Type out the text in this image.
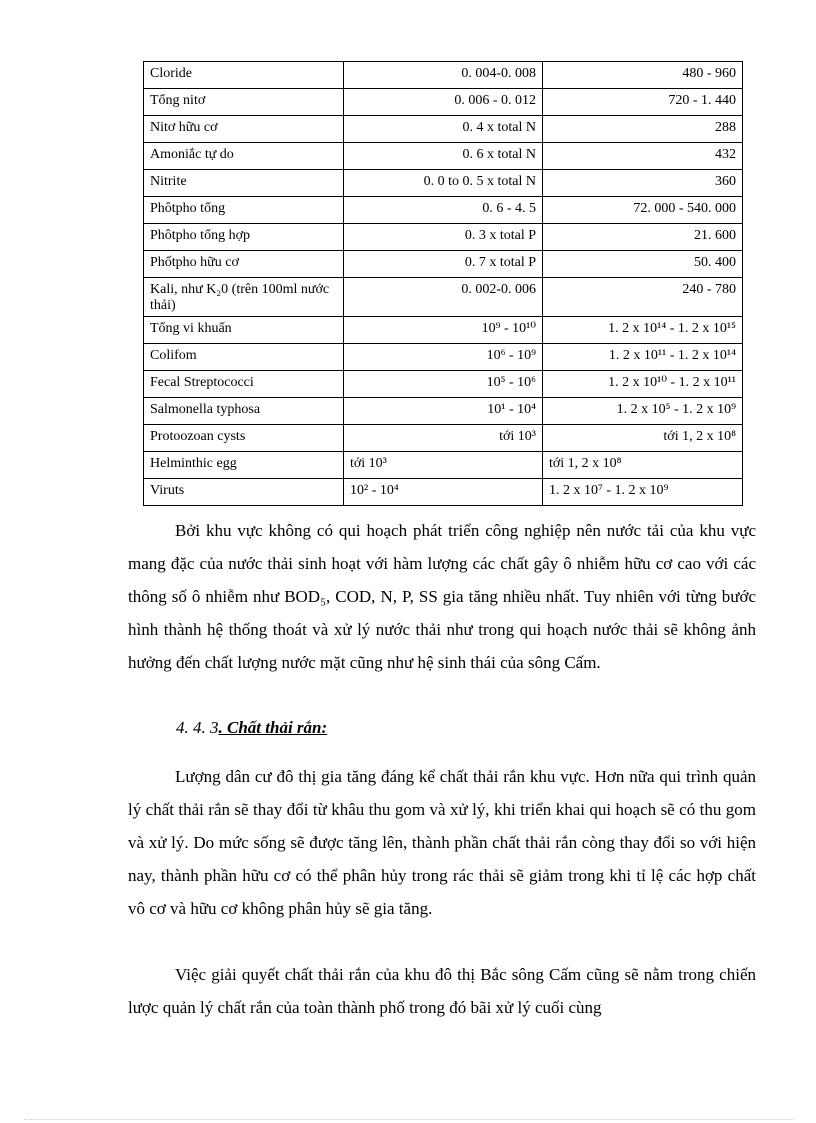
Cloride	0. 004-0. 008	480 - 960
Tổng nitơ	0. 006 - 0. 012	720 - 1. 440
Nitơ hữu cơ	0. 4 x total N	288
Amoniắc tự do	0. 6 x total N	432
Nitrite	0. 0 to 0. 5 x total N	360
Phôtpho tổng	0. 6 - 4. 5	72. 000 - 540. 000
Phôtpho tổng hợp	0. 3 x total P	21. 600
Phốtpho hữu cơ	0. 7 x total P	50. 400
Kali, như K₂0 (trên 100ml nước thải)	0. 002-0. 006	240 - 780
Tổng vi khuẩn	10⁹ - 10¹⁰	1. 2 x 10¹⁴ - 1. 2 x 10¹⁵
Colifom	10⁶ - 10⁹	1. 2 x 10¹¹ - 1. 2 x 10¹⁴
Fecal Streptococci	10⁵ - 10⁶	1. 2 x 10¹⁰ - 1. 2 x 10¹¹
Salmonella typhosa	10¹ - 10⁴	1. 2 x 10⁵ - 1. 2 x 10⁹
Protoozoan cysts	tới 10³	tới 1, 2 x 10⁸
Helminthic egg	tới 10³	tới 1, 2 x 10⁸
Viruts	10² - 10⁴	1. 2 x 10⁷ - 1. 2 x 10⁹

Bởi khu vực không có qui hoạch phát triển công nghiệp nên nước tải của khu vực mang đặc của nước thải sinh hoạt với hàm lượng các chất gây ô nhiễm hữu cơ cao với các thông số ô nhiễm như BOD₅, COD, N, P, SS gia tăng nhiều nhất. Tuy nhiên với từng bước hình thành hệ thống thoát và xử lý nước thải như trong qui hoạch nước thải sẽ không ảnh hưởng đến chất lượng nước mặt cũng như hệ sinh thái của sông Cấm.

4. 4. 3. Chất thải rắn:

Lượng dân cư đô thị gia tăng đáng kể chất thải rắn khu vực. Hơn nữa qui trình quản lý chất thải rắn sẽ thay đổi từ khâu thu gom và xử lý, khi triển khai qui hoạch sẽ có thu gom và xử lý. Do mức sống sẽ được tăng lên, thành phần chất thải rắn còng thay đổi so với hiện nay, thành phần hữu cơ có thể phân hủy trong rác thải sẽ giảm trong khi tỉ lệ các hợp chất vô cơ và hữu cơ không phân hủy sẽ gia tăng.

Việc giải quyết chất thải rắn của khu đô thị Bắc sông Cấm cũng sẽ nằm trong chiến lược quản lý chất rắn của toàn thành phố trong đó bãi xử lý cuối cùng
